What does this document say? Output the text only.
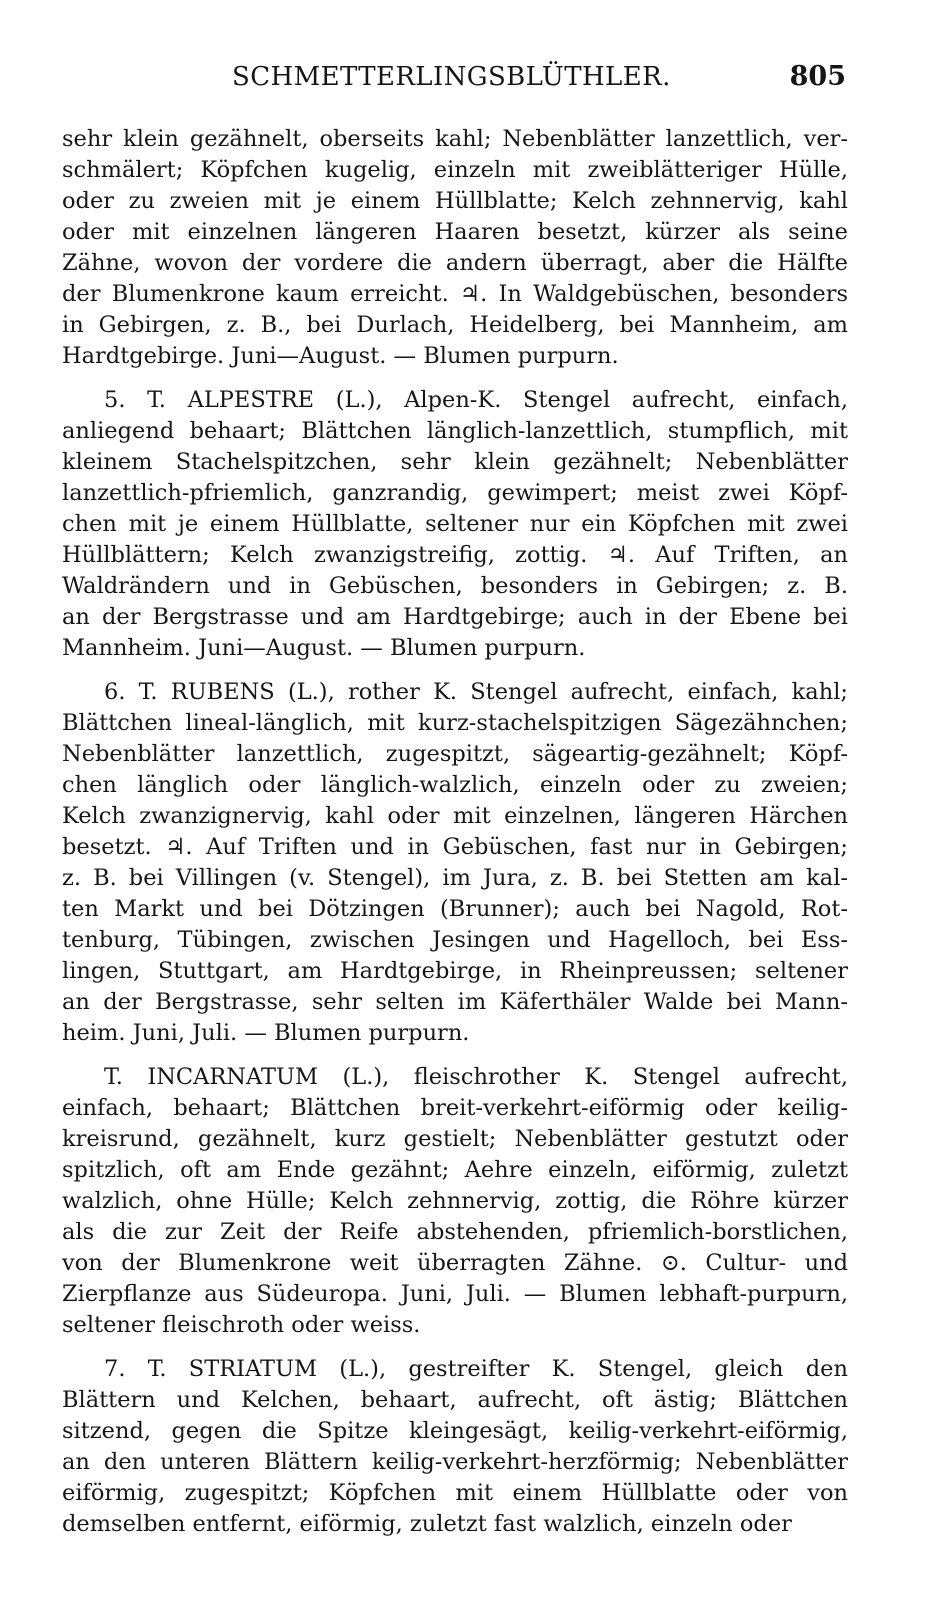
SCHMETTERLINGSBLÜTHLER.	805
sehr klein gezähnelt, oberseits kahl; Nebenblätter lanzettlich, ver-
schmälert; Köpfchen kugelig, einzeln mit zweiblätteriger Hülle,
oder zu zweien mit je einem Hüllblatte; Kelch zehnnervig, kahl
oder mit einzelnen längeren Haaren besetzt, kürzer als seine
Zähne, wovon der vordere die andern überragt, aber die Hälfte
der Blumenkrone kaum erreicht. ♃. In Waldgebüschen, besonders
in Gebirgen, z. B., bei Durlach, Heidelberg, bei Mannheim, am
Hardtgebirge. Juni—August. — Blumen purpurn.
5. T. ALPESTRE (L.), Alpen-K. Stengel aufrecht, einfach,
anliegend behaart; Blättchen länglich-lanzettlich, stumpflich, mit
kleinem Stachelspitzchen, sehr klein gezähnelt; Nebenblätter
lanzettlich-pfriemlich, ganzrandig, gewimpert; meist zwei Köpf-
chen mit je einem Hüllblatte, seltener nur ein Köpfchen mit zwei
Hüllblättern; Kelch zwanzigstreifig, zottig. ♃. Auf Triften, an
Waldrändern und in Gebüschen, besonders in Gebirgen; z. B.
an der Bergstrasse und am Hardtgebirge; auch in der Ebene bei
Mannheim. Juni—August. — Blumen purpurn.
6. T. RUBENS (L.), rother K. Stengel aufrecht, einfach, kahl;
Blättchen lineal-länglich, mit kurz-stachelspitzigen Sägezähnchen;
Nebenblätter lanzettlich, zugespitzt, sägeartig-gezähnelt; Köpf-
chen länglich oder länglich-walzlich, einzeln oder zu zweien;
Kelch zwanzignervig, kahl oder mit einzelnen, längeren Härchen
besetzt. ♃. Auf Triften und in Gebüschen, fast nur in Gebirgen;
z. B. bei Villingen (v. Stengel), im Jura, z. B. bei Stetten am kal-
ten Markt und bei Dötzingen (Brunner); auch bei Nagold, Rot-
tenburg, Tübingen, zwischen Jesingen und Hagelloch, bei Ess-
lingen, Stuttgart, am Hardtgebirge, in Rheinpreussen; seltener
an der Bergstrasse, sehr selten im Käferthäler Walde bei Mann-
heim. Juni, Juli. — Blumen purpurn.
T. INCARNATUM (L.), fleischrother K. Stengel aufrecht,
einfach, behaart; Blättchen breit-verkehrt-eiförmig oder keilig-
kreisrund, gezähnelt, kurz gestielt; Nebenblätter gestutzt oder
spitzlich, oft am Ende gezähnt; Aehre einzeln, eiförmig, zuletzt
walzlich, ohne Hülle; Kelch zehnnervig, zottig, die Röhre kürzer
als die zur Zeit der Reife abstehenden, pfriemlich-borstlichen,
von der Blumenkrone weit überragten Zähne. ⊙. Cultur- und
Zierpflanze aus Südeuropa. Juni, Juli. — Blumen lebhaft-purpurn,
seltener fleischroth oder weiss.
7. T. STRIATUM (L.), gestreifter K. Stengel, gleich den
Blättern und Kelchen, behaart, aufrecht, oft ästig; Blättchen
sitzend, gegen die Spitze kleingesägt, keilig-verkehrt-eiförmig,
an den unteren Blättern keilig-verkehrt-herzförmig; Nebenblätter
eiförmig, zugespitzt; Köpfchen mit einem Hüllblatte oder von
demselben entfernt, eiförmig, zuletzt fast walzlich, einzeln oder
